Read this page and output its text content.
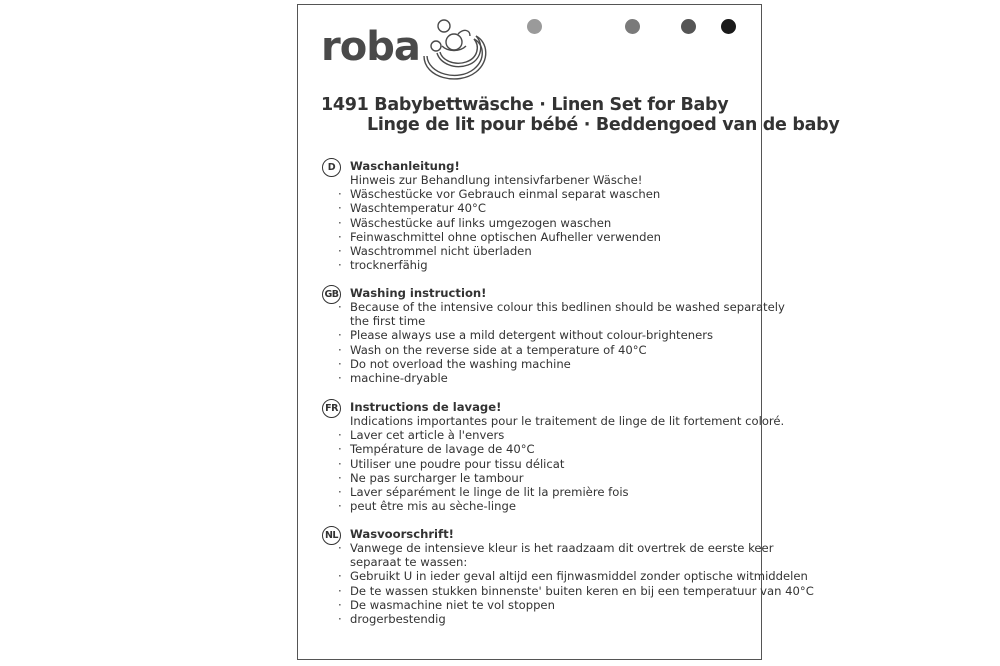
roba
1491 Babybettwäsche · Linen Set for Baby
Linge de lit pour bébé · Beddengoed van de baby
D	Waschanleitung!
Hinweis zur Behandlung intensivfarbener Wäsche!
· Wäschestücke vor Gebrauch einmal separat waschen
· Waschtemperatur 40°C
· Wäschestücke auf links umgezogen waschen
· Feinwaschmittel ohne optischen Aufheller verwenden
· Waschtrommel nicht überladen
· trocknerfähig
GB Washing instruction!
· Because of the intensive colour this bedlinen should be washed separately
the first time
· Please always use a mild detergent without colour-brighteners
· Wash on the reverse side at a temperature of 40°C
· Do not overload the washing machine
· machine-dryable
FR Instructions de lavage!
Indications importantes pour le traitement de linge de lit fortement coloré.
· Laver cet article à l'envers
· Température de lavage de 40°C
· Utiliser une poudre pour tissu délicat
· Ne pas surcharger le tambour
· Laver séparément le linge de lit la première fois
· peut être mis au sèche-linge
NL Wasvoorschrift!
· Vanwege de intensieve kleur is het raadzaam dit overtrek de eerste keer
separaat te wassen:
· Gebruikt U in ieder geval altijd een fijnwasmiddel zonder optische witmiddelen
· De te wassen stukken binnenste' buiten keren en bij een temperatuur van 40°C
· De wasmachine niet te vol stoppen
· drogerbestendig
